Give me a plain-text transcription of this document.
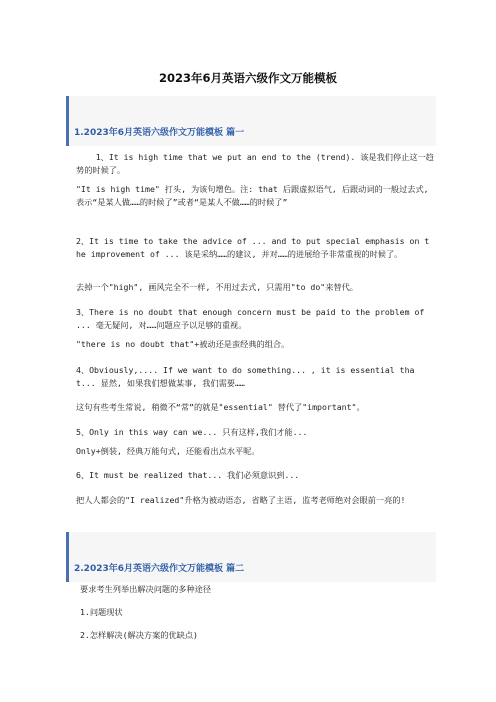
2023年6月英语六级作文万能模板
1.2023年6月英语六级作文万能模板 篇一
1、It is high time that we put an end to the (trend). 该是我们停止这一趋势的时候了。
"It is high time" 打头, 为该句增色。注: that 后跟虚拟语气, 后跟动词的一般过去式, 表示“是某人做……的时候了”或者“是某人不做……的时候了”
2、It is time to take the advice of ... and to put special emphasis on the improvement of ... 该是采纳……的建议, 并对……的进展给予非常重视的时候了。
去掉一个"high", 画风完全不一样, 不用过去式, 只需用"to do"来替代。
3、There is no doubt that enough concern must be paid to the problem of ... 毫无疑问, 对……问题应予以足够的重视。
"there is no doubt that"+被动还是蛮经典的组合。
4、Obviously,.... If we want to do something... , it is essential that... 显然, 如果我们想做某事, 我们需要……
这句有些考生常说, 稍微不“常”的就是"essential" 替代了"important"。
5、Only in this way can we... 只有这样,我们才能...
Only+倒装, 经典万能句式, 还能看出点水平呢。
6、It must be realized that... 我们必须意识到...
把人人都会的"I realized"升格为被动语态, 省略了主语, 监考老师绝对会眼前一亮的!
2.2023年6月英语六级作文万能模板 篇二
要求考生列举出解决问题的多种途径
1.问题现状
2.怎样解决(解决方案的优缺点)
